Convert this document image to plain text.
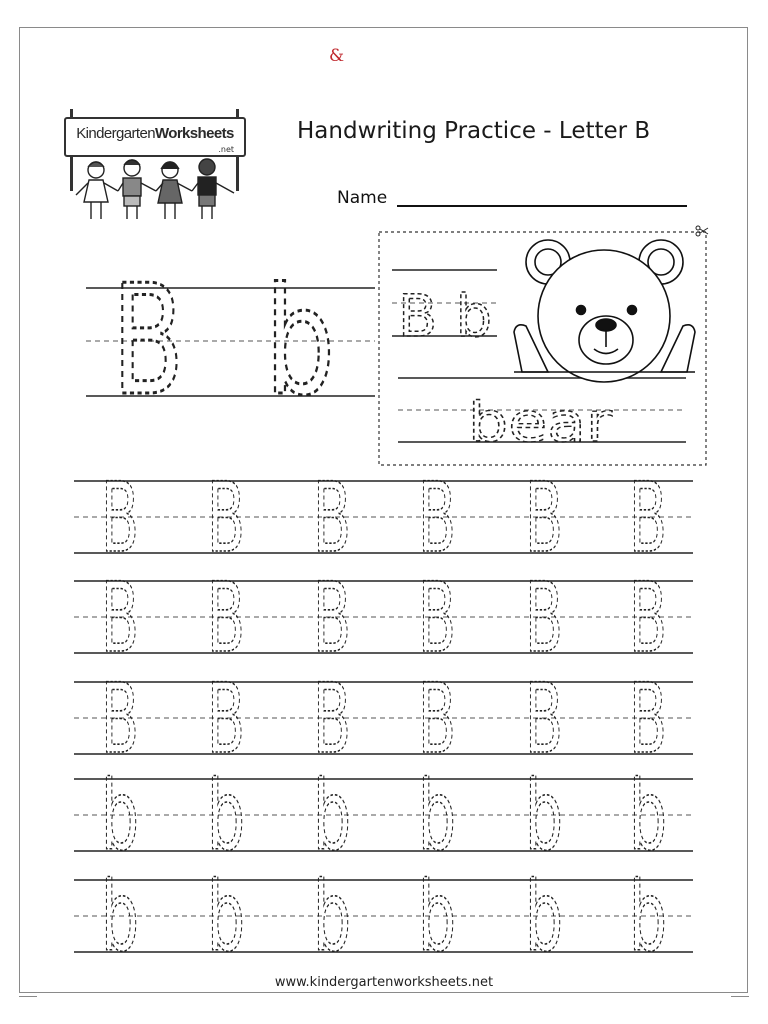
&
KindergartenWorksheets
.net
Handwriting Practice - Letter B
Name
B b B b
bear
B B B B B B
B B B B B B
B B B B B B
b b b b b b
b b b b b b
www.kindergartenworksheets.net
